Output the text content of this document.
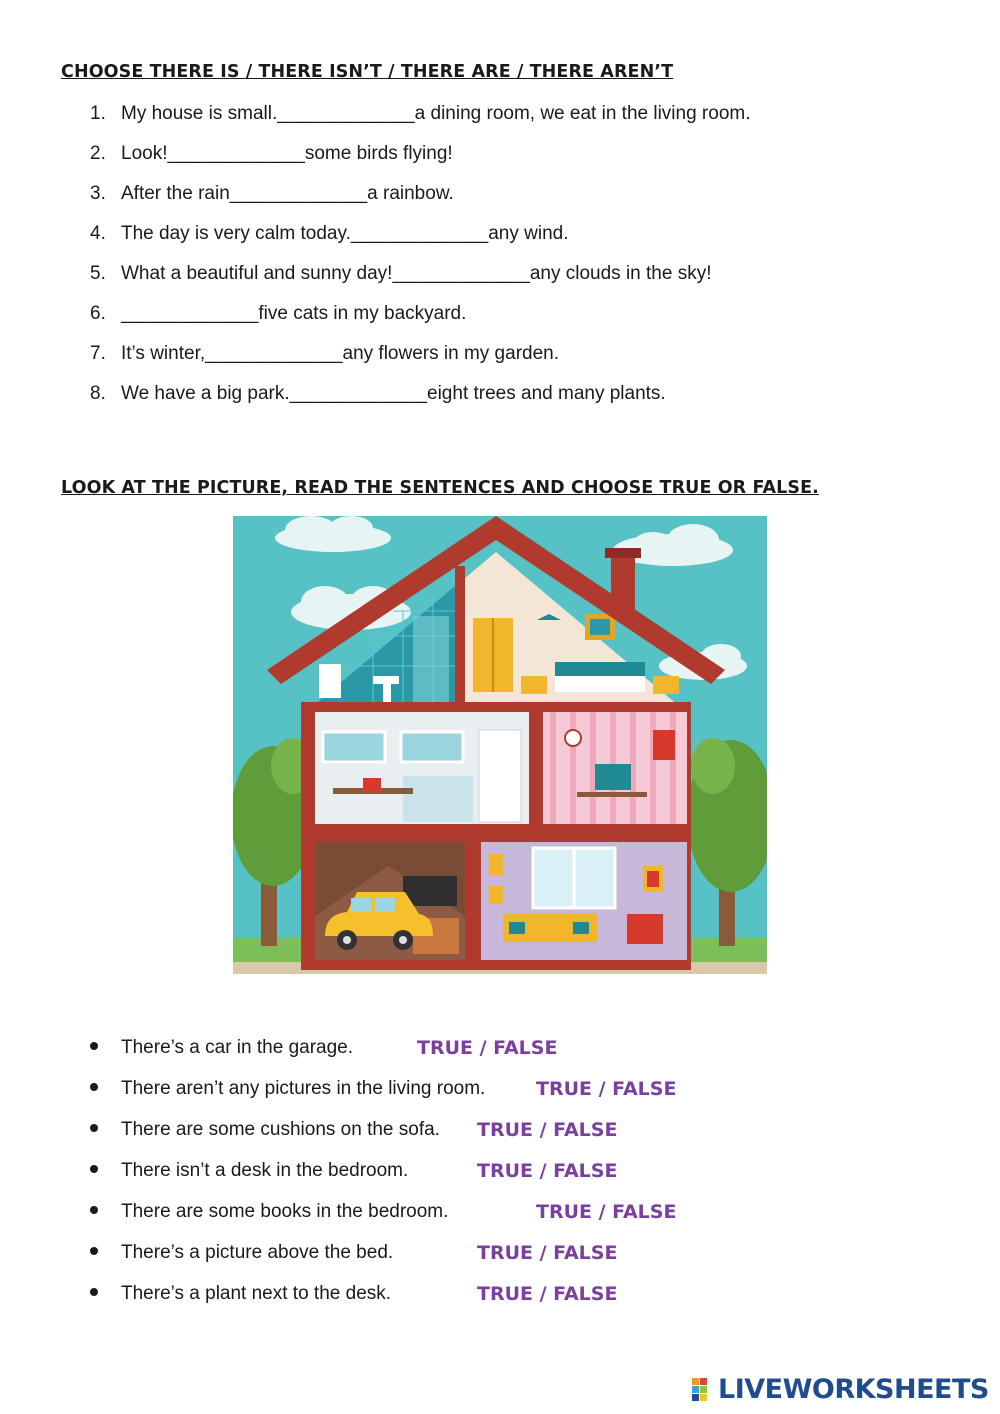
CHOOSE THERE IS / THERE ISN’T / THERE ARE / THERE AREN’T
1. My house is small. _____________ a dining room, we eat in the living room.
2. Look! _____________ some birds flying!
3. After the rain _____________ a rainbow.
4. The day is very calm today. _____________ any wind.
5. What a beautiful and sunny day! _____________ any clouds in the sky!
6. _____________ five cats in my backyard.
7. It’s winter, _____________ any flowers in my garden.
8. We have a big park. _____________ eight trees and many plants.
LOOK AT THE PICTURE, READ THE SENTENCES AND CHOOSE TRUE OR FALSE.
There’s a car in the garage.	TRUE / FALSE
There aren’t any pictures in the living room.	TRUE / FALSE
There are some cushions on the sofa. TRUE / FALSE
There isn’t a desk in the bedroom.	TRUE / FALSE
There are some books in the bedroom.	TRUE / FALSE
There’s a picture above the bed.	TRUE / FALSE
There’s a plant next to the desk.	TRUE / FALSE
LIVEWORKSHEETS
